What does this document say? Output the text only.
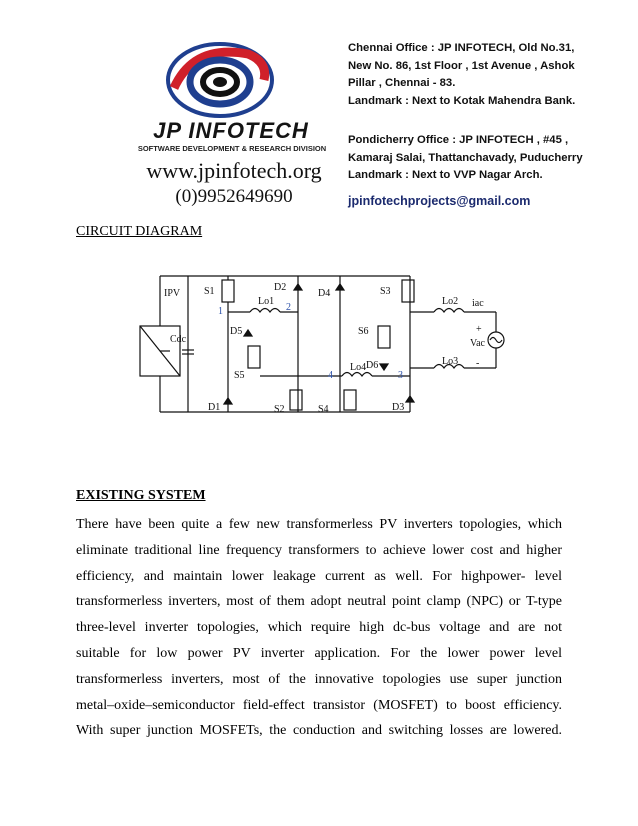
JP INFOTECH
SOFTWARE DEVELOPMENT & RESEARCH DIVISION
www.jpinfotech.org
(0)9952649690
Chennai Office : JP INFOTECH, Old No.31,
New No. 86, 1st Floor , 1st Avenue , Ashok
Pillar , Chennai - 83.
Landmark : Next to Kotak Mahendra Bank.
Pondicherry Office : JP INFOTECH , #45 ,
Kamaraj Salai, Thattanchavady, Puducherry
Landmark : Next to VVP Nagar Arch.
jpinfotechprojects@gmail.com
CIRCUIT DIAGRAM
IPV
Cdc
S1
S2
S3
S4
S5
S6
D1
D2
D3
D4
D5
D6
Lo1	Lo2
Lo3
Lo4
iac
Vac
+
-
1	2
3
4
EXISTING SYSTEM
There have been quite a few new transformerless PV inverters topologies, which
eliminate traditional line frequency transformers to achieve lower cost and higher
efficiency, and maintain lower leakage current as well. For highpower- level
transformerless inverters, most of them adopt neutral point clamp (NPC) or T-type
three-level inverter topologies, which require high dc-bus voltage and are not
suitable for low power PV inverter application. For the lower power level
transformerless inverters, most of the innovative topologies use super junction
metal–oxide–semiconductor field-effect transistor (MOSFET) to boost efficiency.
With super junction MOSFETs, the conduction and switching losses are lowered.
